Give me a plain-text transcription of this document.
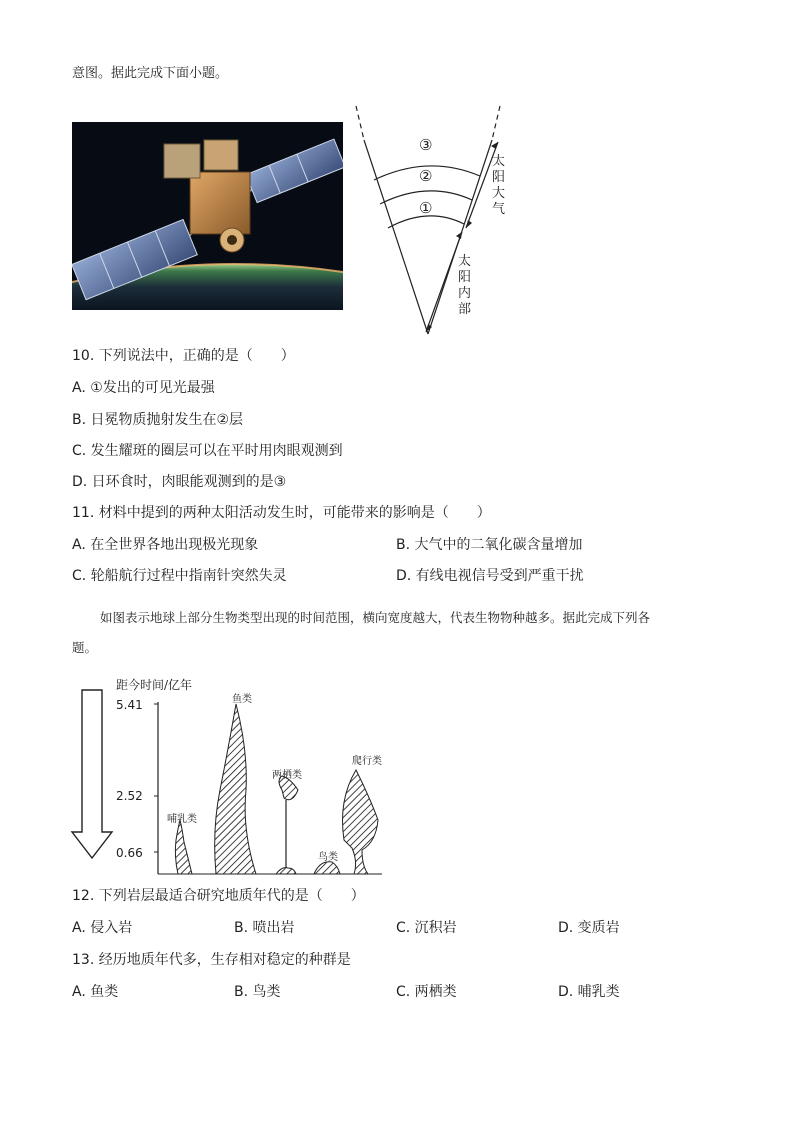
意图。据此完成下面小题。
③
②
①
太
阳
大
气
太
阳
内
部
10. 下列说法中，正确的是（　　）
A. ①发出的可见光最强
B. 日冕物质抛射发生在②层
C. 发生耀斑的圈层可以在平时用肉眼观测到
D. 日环食时，肉眼能观测到的是③
11. 材料中提到的两种太阳活动发生时，可能带来的影响是（　　）
A. 在全世界各地出现极光现象	B. 大气中的二氧化碳含量增加
C. 轮船航行过程中指南针突然失灵	D. 有线电视信号受到严重干扰
如图表示地球上部分生物类型出现的时间范围，横向宽度越大，代表生物物种越多。据此完成下列各
题。
距今时间/亿年
5.41
2.52
0.66
鱼类
两栖类
爬行类
哺乳类
鸟类
12. 下列岩层最适合研究地质年代的是（　　）
A. 侵入岩	B. 喷出岩	C. 沉积岩	D. 变质岩
13. 经历地质年代多，生存相对稳定的种群是
A. 鱼类	B. 鸟类	C. 两栖类	D. 哺乳类
